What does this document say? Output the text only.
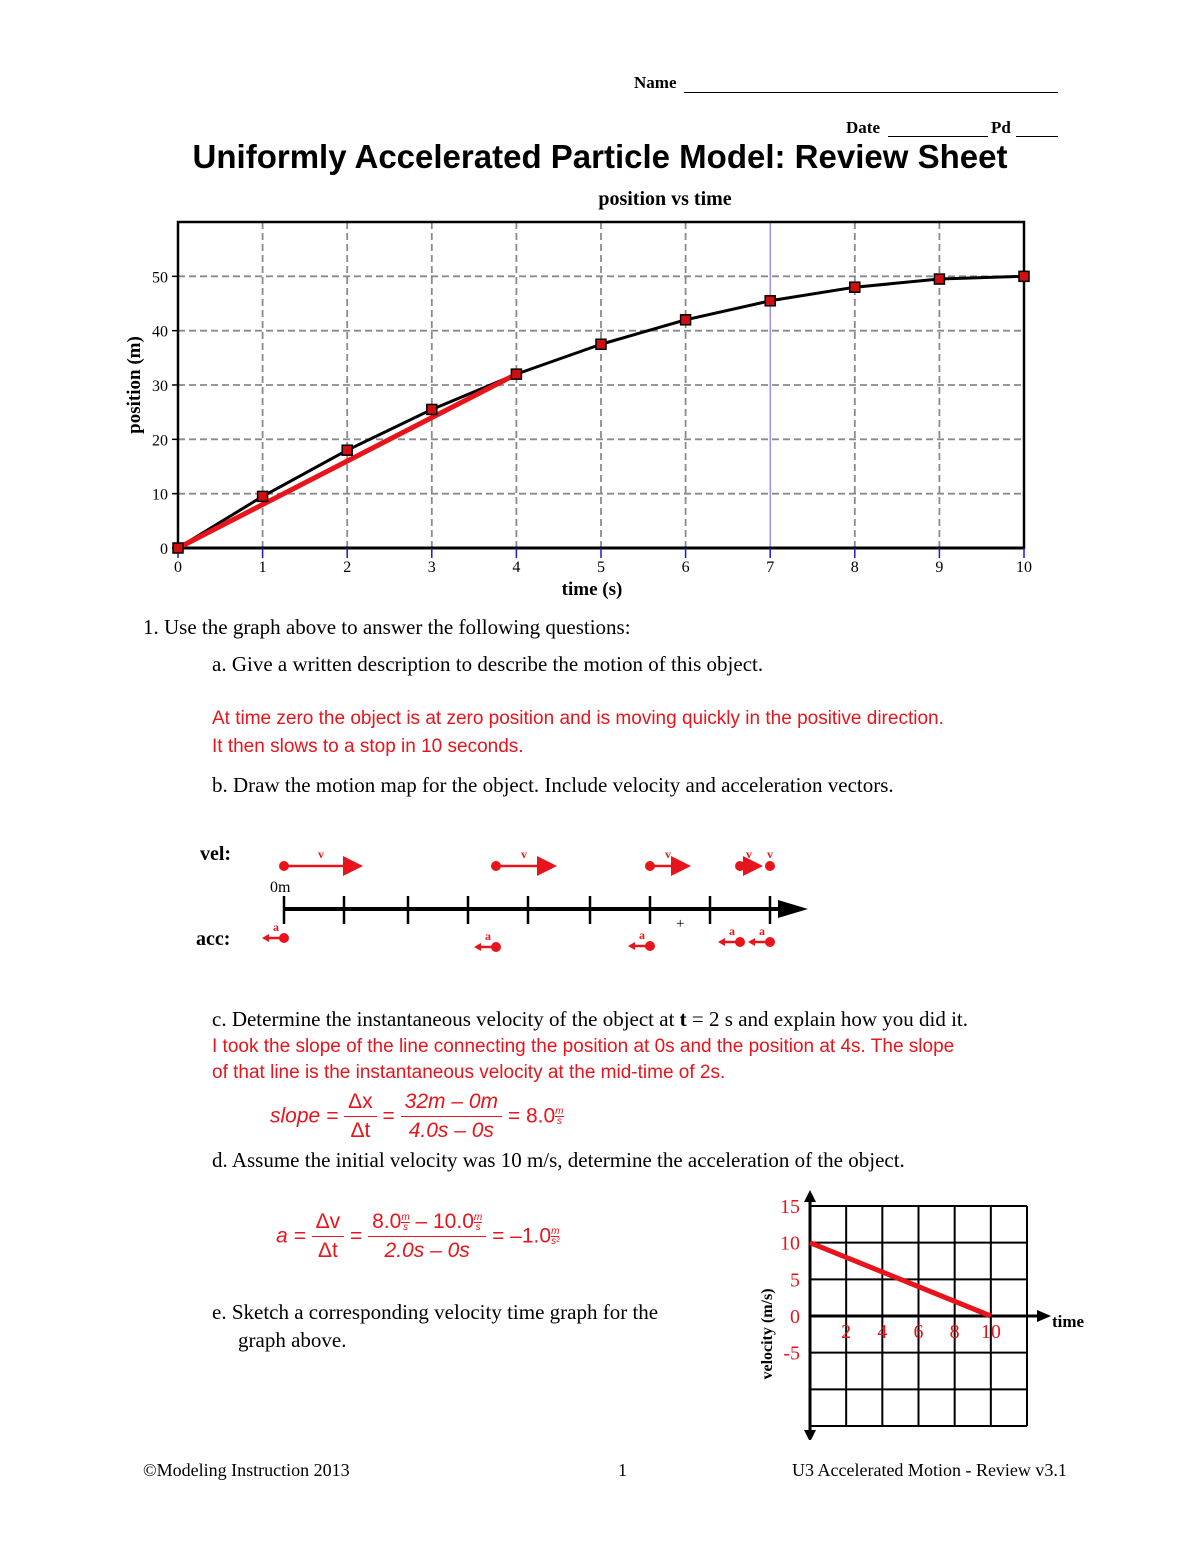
Name
Date	Pd
Uniformly Accelerated Particle Model: Review Sheet
position vs time
0	1	2	3	4	5	6	7	8	9	10
0
10
20
30
40
50
time (s)
position (m)
1. Use the graph above to answer the following questions:
a. Give a written description to describe the motion of this object.
At time zero the object is at zero position and is moving quickly in the positive direction.
It then slows to a stop in 10 seconds.
b. Draw the motion map for the object. Include velocity and acceleration vectors.
vel:
acc:
0m
+
v	v	v	v v
a
a	a	a a
c. Determine the instantaneous velocity of the object at t = 2 s and explain how you did it.
I took the slope of the line connecting the position at 0s and the position at 4s. The slope
of that line is the instantaneous velocity at the mid-time of 2s.
slope = $\frac{\Delta x}{\Delta t} = \frac{32m - 0m}{4.0s - 0s} = 8.0 \frac{m}{s}$
d. Assume the initial velocity was 10 m/s, determine the acceleration of the object.
$a = \frac{\Delta v}{\Delta t} = \frac{8.0 \frac{m}{s} - 10.0 \frac{m}{s}}{2.0s - 0s} = -1.0 \frac{m}{\text{s²}}$
e. Sketch a corresponding velocity time graph for the
graph above.
15
10
5
0
-5
2 4 6 8 10	time
velocity (m/s)
©Modeling Instruction 2013	1	U3 Accelerated Motion - Review v3.1
